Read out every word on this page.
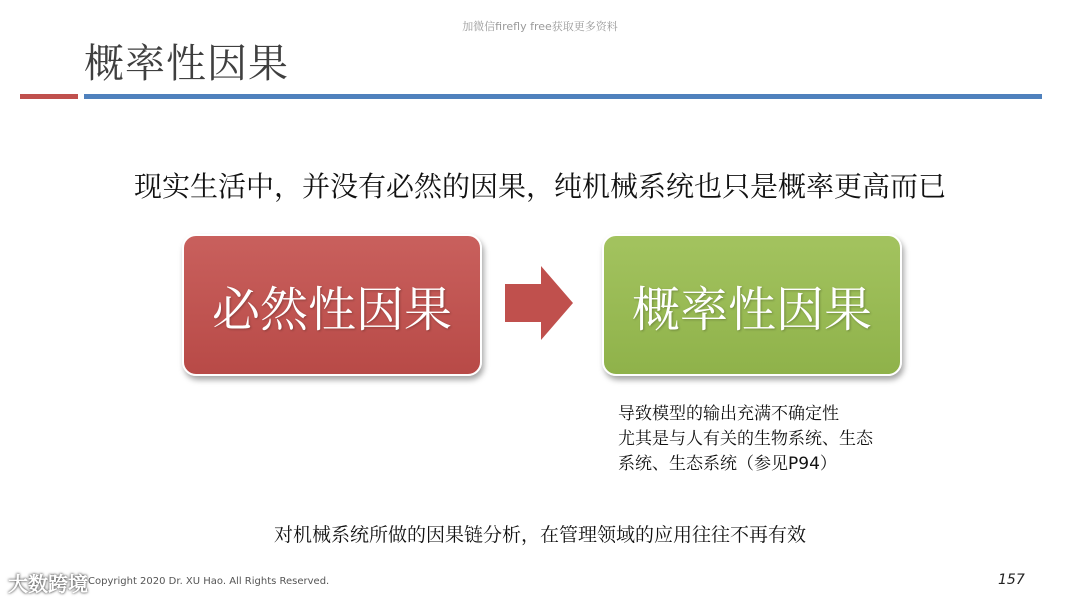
加微信firefly free获取更多资料
概率性因果
现实生活中，并没有必然的因果，纯机械系统也只是概率更高而已
必然性因果	概率性因果
导致模型的输出充满不确定性
尤其是与人有关的生物系统、生态
系统、生态系统（参见P94）
对机械系统所做的因果链分析，在管理领域的应用往往不再有效
大数跨境 Copyright 2020 Dr. XU Hao. All Rights Reserved.	157
